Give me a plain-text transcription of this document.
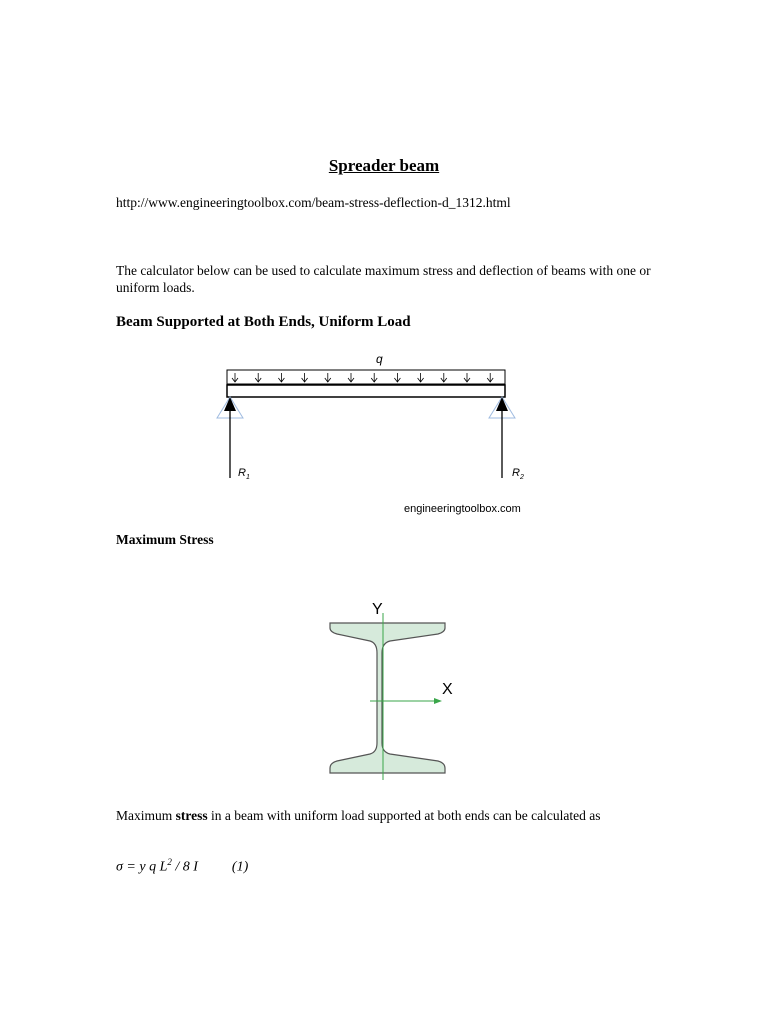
Spreader beam
http://www.engineeringtoolbox.com/beam-stress-deflection-d_1312.html
The calculator below can be used to calculate maximum stress and deflection of beams with one or uniform loads.
Beam Supported at Both Ends, Uniform Load
q
$R_1$	$R_2$
engineeringtoolbox.com
Maximum Stress
Y
X
Maximum stress in a beam with uniform load supported at both ends can be calculated as
σ = y q $L^2 / 8$ I (1)
